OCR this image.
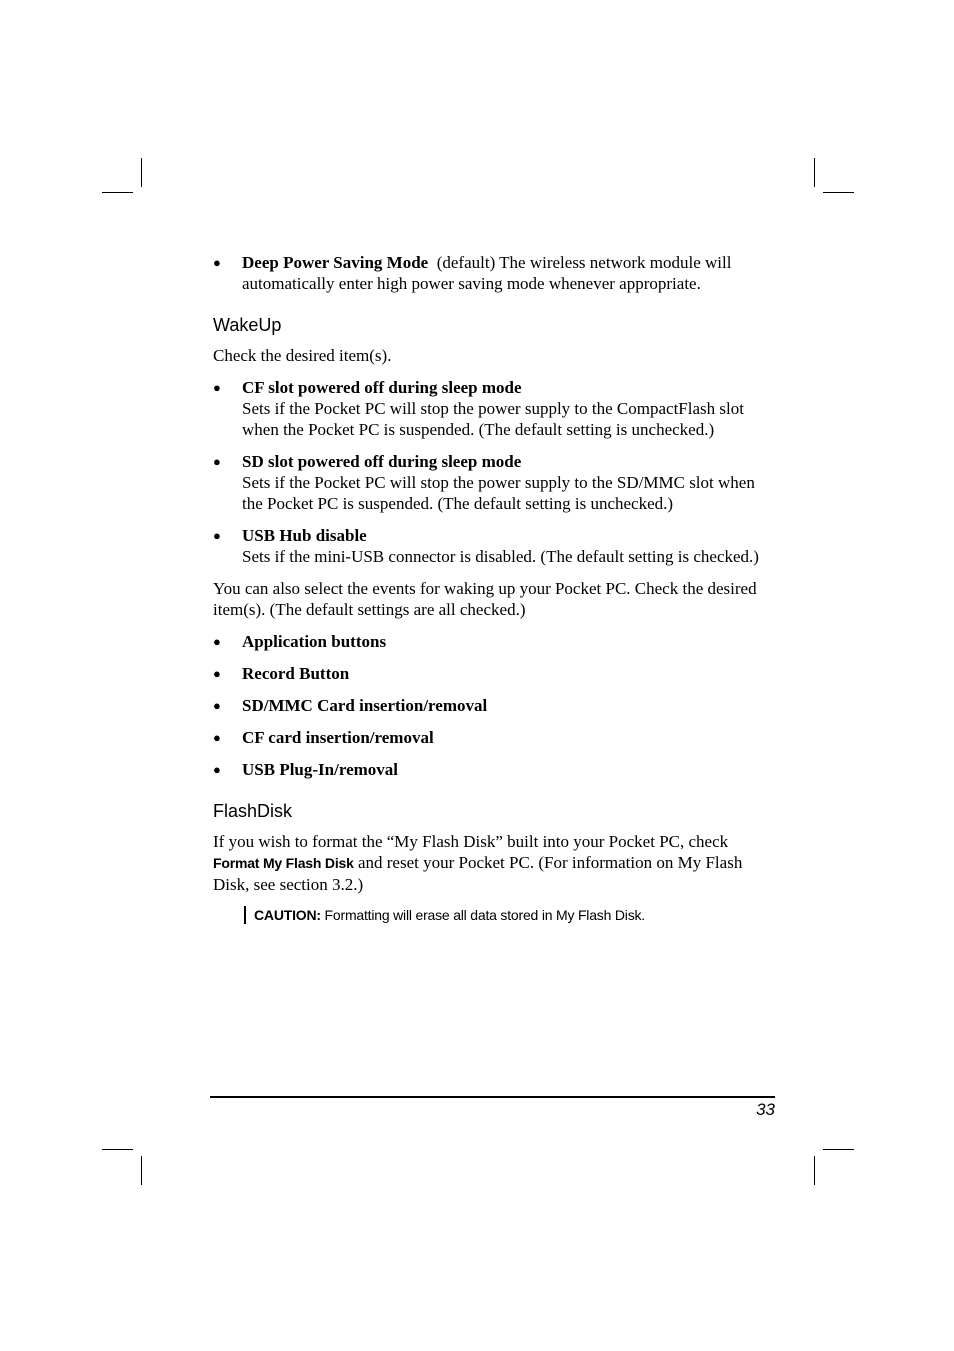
● Deep Power Saving Mode (default) The wireless network module will automatically enter high power saving mode whenever appropriate.
WakeUp
Check the desired item(s).
● CF slot powered off during sleep mode
Sets if the Pocket PC will stop the power supply to the CompactFlash slot when the Pocket PC is suspended. (The default setting is unchecked.)
● SD slot powered off during sleep mode
Sets if the Pocket PC will stop the power supply to the SD/MMC slot when the Pocket PC is suspended. (The default setting is unchecked.)
● USB Hub disable
Sets if the mini-USB connector is disabled. (The default setting is checked.)
You can also select the events for waking up your Pocket PC. Check the desired item(s). (The default settings are all checked.)
● Application buttons
● Record Button
● SD/MMC Card insertion/removal
● CF card insertion/removal
● USB Plug-In/removal
FlashDisk
If you wish to format the “My Flash Disk” built into your Pocket PC, check Format My Flash Disk and reset your Pocket PC. (For information on My Flash Disk, see section 3.2.)
CAUTION: Formatting will erase all data stored in My Flash Disk.
33
